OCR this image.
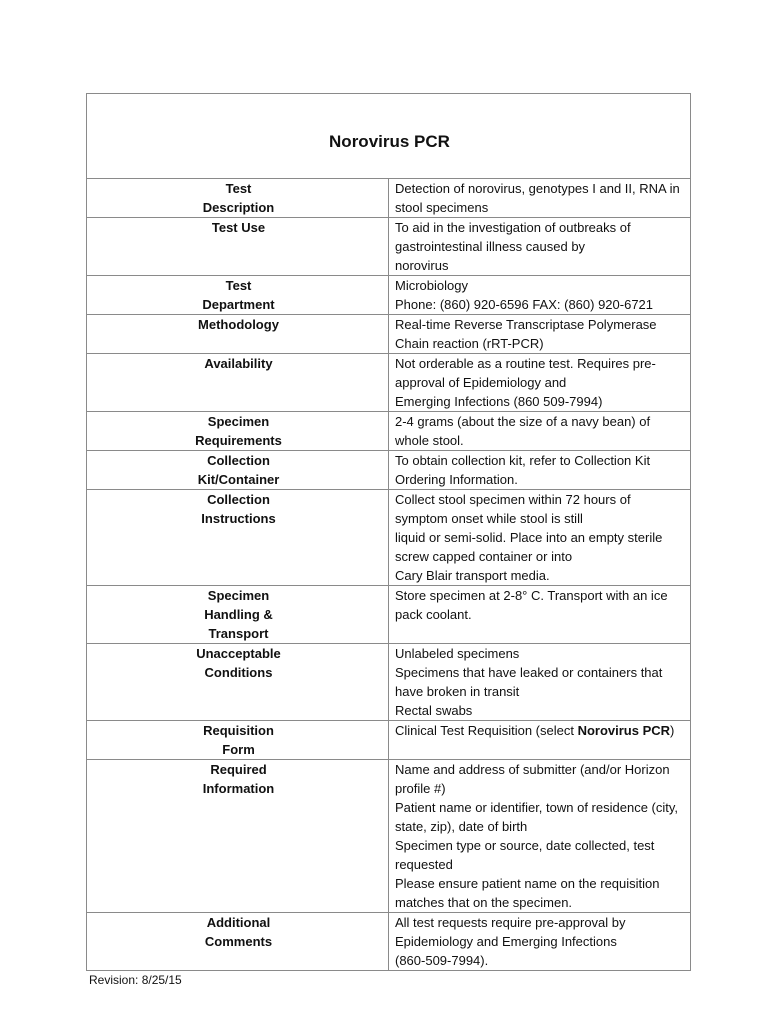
Norovirus PCR	

Test
Description	Detection of norovirus, genotypes I and II, RNA in stool specimens

Test Use	To aid in the investigation of outbreaks of gastrointestinal illness caused by
norovirus

Test
Department	Microbiology
Phone: (860) 920-6596 FAX: (860) 920-6721

Methodology	Real-time Reverse Transcriptase Polymerase Chain reaction (rRT-PCR)

Availability	Not orderable as a routine test. Requires pre-approval of Epidemiology and
Emerging Infections (860 509-7994)

Specimen
Requirements	2-4 grams (about the size of a navy bean) of whole stool.

Collection
Kit/Container	To obtain collection kit, refer to Collection Kit Ordering Information.

Collection
Instructions	Collect stool specimen within 72 hours of symptom onset while stool is still
liquid or semi-solid. Place into an empty sterile screw capped container or into
Cary Blair transport media.

Specimen
Handling &
Transport	Store specimen at 2-8° C. Transport with an ice pack coolant.

Unacceptable
Conditions	Unlabeled specimens
Specimens that have leaked or containers that have broken in transit
Rectal swabs

Requisition
Form	Clinical Test Requisition (select Norovirus PCR)

Required
Information	Name and address of submitter (and/or Horizon profile #)
Patient name or identifier, town of residence (city, state, zip), date of birth
Specimen type or source, date collected, test requested
Please ensure patient name on the requisition matches that on the specimen.

Additional
Comments	All test requests require pre-approval by Epidemiology and Emerging Infections
(860-509-7994).
Revision: 8/25/15
